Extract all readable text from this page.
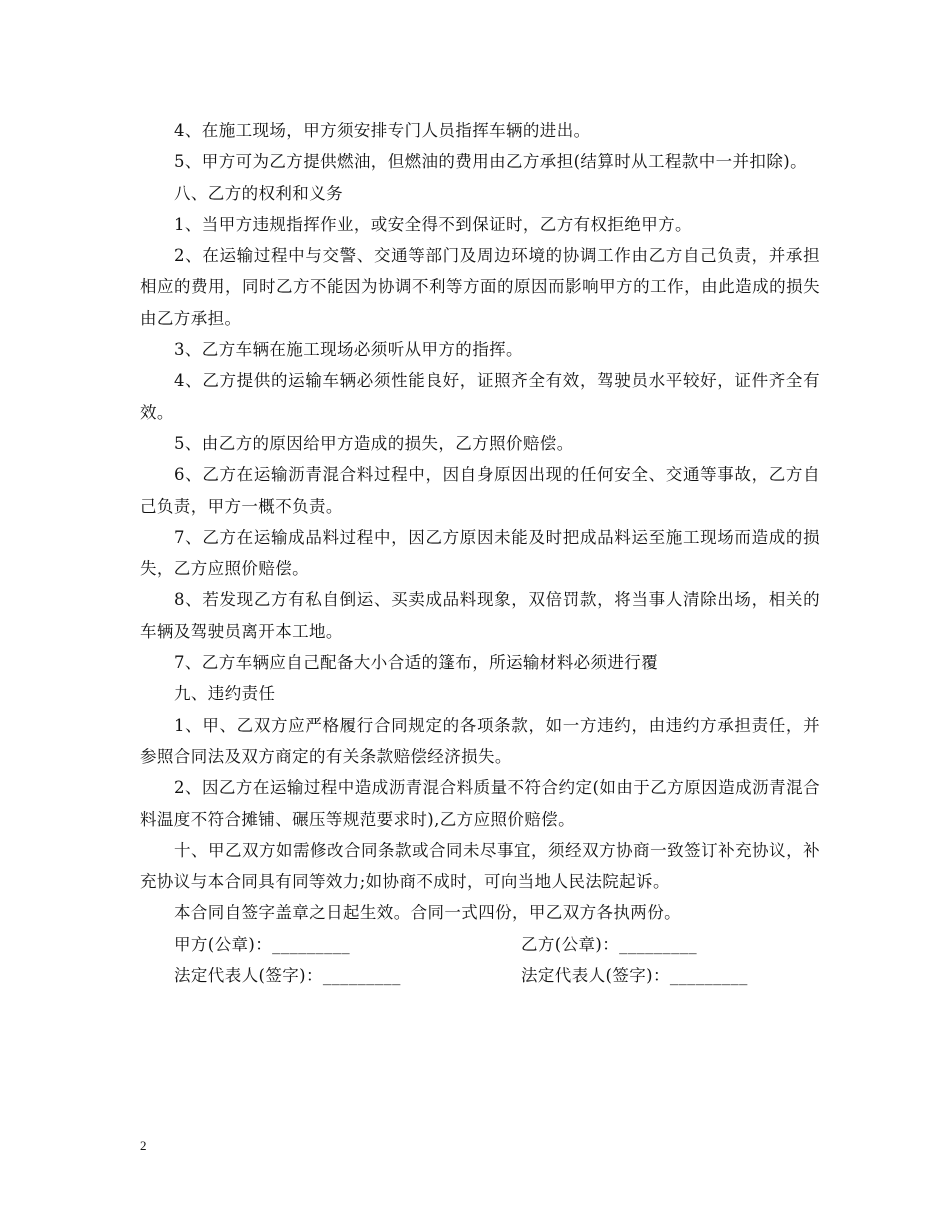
4、在施工现场，甲方须安排专门人员指挥车辆的进出。

5、甲方可为乙方提供燃油，但燃油的费用由乙方承担(结算时从工程款中一并扣除)。

八、乙方的权利和义务

1、当甲方违规指挥作业，或安全得不到保证时，乙方有权拒绝甲方。

2、在运输过程中与交警、交通等部门及周边环境的协调工作由乙方自己负责，并承担相应的费用，同时乙方不能因为协调不利等方面的原因而影响甲方的工作，由此造成的损失由乙方承担。

3、乙方车辆在施工现场必须听从甲方的指挥。

4、乙方提供的运输车辆必须性能良好，证照齐全有效，驾驶员水平较好，证件齐全有效。

5、由乙方的原因给甲方造成的损失，乙方照价赔偿。

6、乙方在运输沥青混合料过程中，因自身原因出现的任何安全、交通等事故，乙方自己负责，甲方一概不负责。

7、乙方在运输成品料过程中，因乙方原因未能及时把成品料运至施工现场而造成的损失，乙方应照价赔偿。

8、若发现乙方有私自倒运、买卖成品料现象，双倍罚款，将当事人清除出场，相关的车辆及驾驶员离开本工地。

7、乙方车辆应自己配备大小合适的篷布，所运输材料必须进行覆

九、违约责任

1、甲、乙双方应严格履行合同规定的各项条款，如一方违约，由违约方承担责任，并参照合同法及双方商定的有关条款赔偿经济损失。

2、因乙方在运输过程中造成沥青混合料质量不符合约定(如由于乙方原因造成沥青混合料温度不符合摊铺、碾压等规范要求时),乙方应照价赔偿。

十、甲乙双方如需修改合同条款或合同未尽事宜，须经双方协商一致签订补充协议，补充协议与本合同具有同等效力;如协商不成时，可向当地人民法院起诉。

本合同自签字盖章之日起生效。合同一式四份，甲乙双方各执两份。

甲方(公章)：_________	乙方(公章)：_________
法定代表人(签字)：_________	法定代表人(签字)：_________
2
